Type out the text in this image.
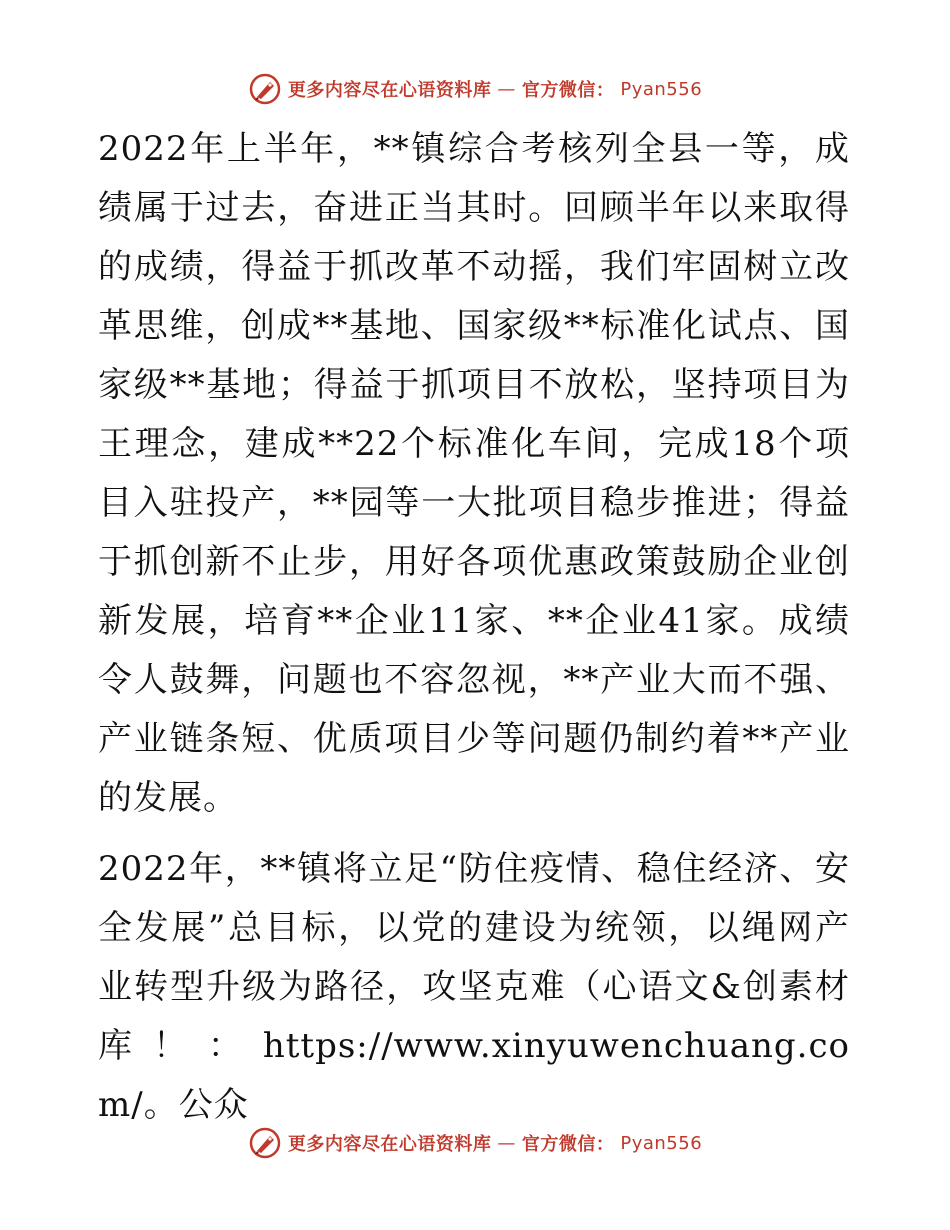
更多内容尽在心语资料库 — 官方微信： Pyan556

2022年上半年，**镇综合考核列全县一等，成绩属于过去，奋进正当其时。回顾半年以来取得的成绩，得益于抓改革不动摇，我们牢固树立改革思维，创成**基地、国家级**标准化试点、国家级**基地；得益于抓项目不放松，坚持项目为王理念，建成**22个标准化车间，完成18个项目入驻投产，**园等一大批项目稳步推进；得益于抓创新不止步，用好各项优惠政策鼓励企业创新发展，培育**企业11家、**企业41家。成绩令人鼓舞，问题也不容忽视，**产业大而不强、产业链条短、优质项目少等问题仍制约着**产业的发展。

2022年，**镇将立足“防住疫情、稳住经济、安全发展”总目标，以党的建设为统领，以绳网产业转型升级为路径，攻坚克难（心语文&创素材库！：https://www.xinyuwenchuang.com/。公众

更多内容尽在心语资料库 — 官方微信： Pyan556
